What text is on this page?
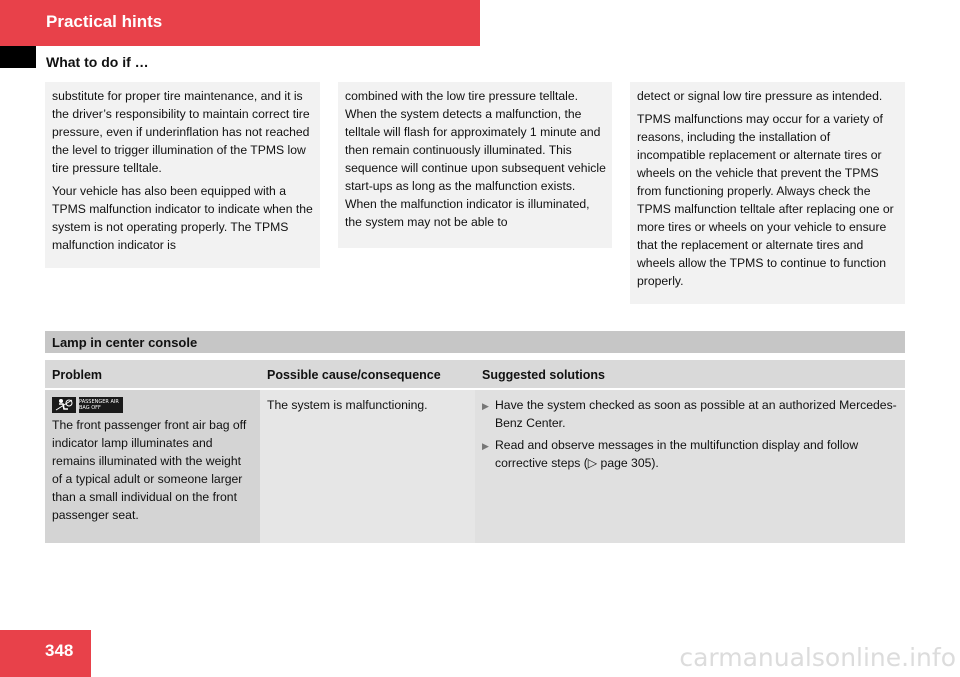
Practical hints
What to do if …

substitute for proper tire maintenance, and it is the driver’s responsibility to maintain correct tire pressure, even if underinflation has not reached the level to trigger illumination of the TPMS low tire pressure telltale.

Your vehicle has also been equipped with a TPMS malfunction indicator to indicate when the system is not operating properly. The TPMS malfunction indicator is

combined with the low tire pressure telltale. When the system detects a malfunction, the telltale will flash for approximately 1 minute and then remain continuously illuminated. This sequence will continue upon subsequent vehicle start-ups as long as the malfunction exists. When the malfunction indicator is illuminated, the system may not be able to

detect or signal low tire pressure as intended.

TPMS malfunctions may occur for a variety of reasons, including the installation of incompatible replacement or alternate tires or wheels on the vehicle that prevent the TPMS from functioning properly. Always check the TPMS malfunction telltale after replacing one or more tires or wheels on your vehicle to ensure that the replacement or alternate tires and wheels allow the TPMS to continue to function properly.

Lamp in center console
Problem	Possible cause/consequence	Suggested solutions
PASSENGER AIR BAG OFF
The front passenger front air bag off indicator lamp illuminates and remains illuminated with the weight of a typical adult or someone larger than a small individual on the front passenger seat.
The system is malfunctioning.	▶ Have the system checked as soon as possible at an authorized Mercedes-Benz Center.
▶ Read and observe messages in the multifunction display and follow corrective steps (▷ page 305).
348	carmanualsonline.info
